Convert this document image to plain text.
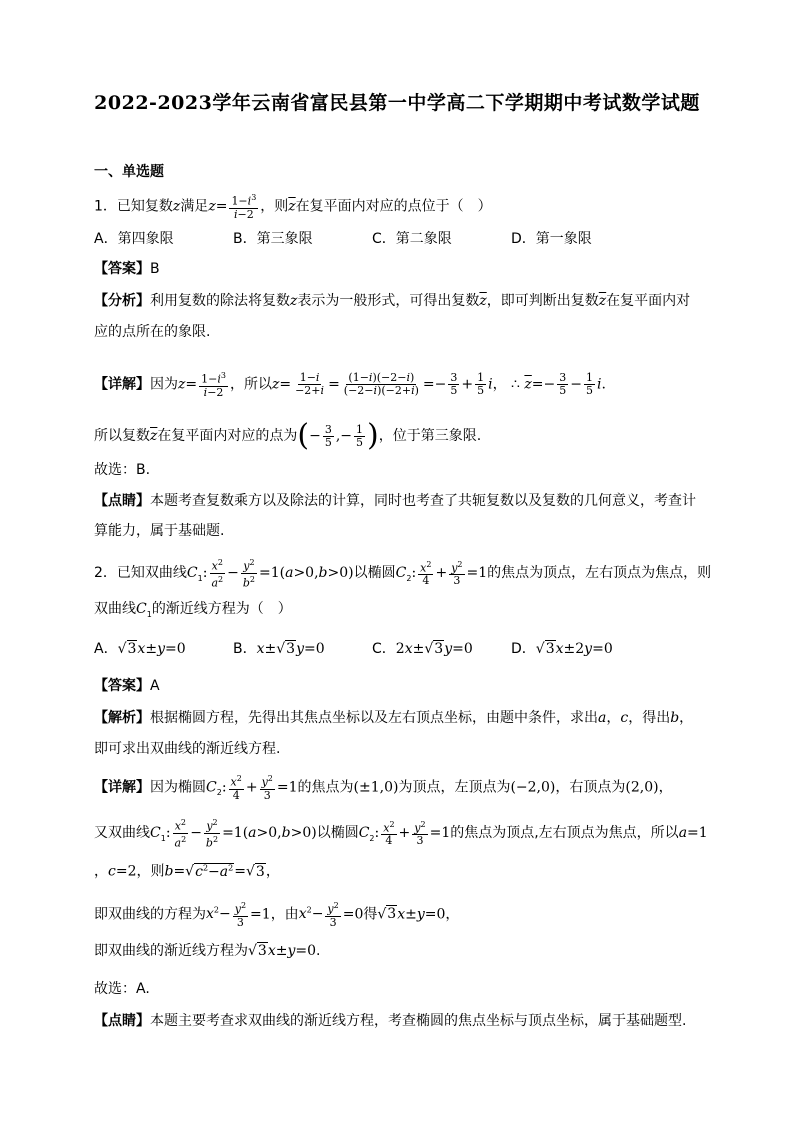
2022-2023学年云南省富民县第一中学高二下学期期中考试数学试题
一、单选题
1．已知复数z满足$z= \frac{1-i^3}{i-2}$ ，则$\overline{z}$在复平面内对应的点位于（　）
A．第四象限	B．第三象限	C．第二象限	D．第一象限
【答案】B
【分析】利用复数的除法将复数z表示为一般形式，可得出复数$\overline{z}$，即可判断出复数$\overline{z}$在复平面内对
应的点所在的象限.
【详解】因为$z= \frac{1-i^3}{i-2}$ ，所以$z= \frac{1-i}{-2+i} = \frac{(1-i)(-2-i)}{(-2-i)(-2+i)} =- \frac{3}{5} + \frac{1}{5}$ i， ∴ $\overline{z}=- \frac{3}{5} - \frac{1}{5} i$.
所以复数$\overline{z}$在复平面内对应的点为(− $\frac{3}{5}$ ,− $\frac{1}{5}$ )，位于第三象限.
故选：B.
【点睛】本题考查复数乘方以及除法的计算，同时也考查了共轭复数以及复数的几何意义，考查计
算能力，属于基础题.
2．已知双曲线$C_1$: $\frac{x^2}{a^2} - \frac{y^2}{b^2} =1(a>0,b>0)$以椭圆$C_2$: $\frac{x^2}{4} + \frac{y^2}{3} =1$的焦点为顶点，左右顶点为焦点，则
双曲线$C_1$的渐近线方程为（　）
A．√3x±y=0	B．x±√3y=0	C．2x±√3y=0	D．√3x±2y=0
【答案】A
【解析】根据椭圆方程，先得出其焦点坐标以及左右顶点坐标，由题中条件，求出a，c，得出b，
即可求出双曲线的渐近线方程.
【详解】因为椭圆$C_2$: $\frac{x^2}{4} + \frac{y^2}{3} =1$的焦点为(±1,0)为顶点，左顶点为(−2,0)，右顶点为(2,0)，
又双曲线$C_1$: $\frac{x^2}{a^2} - \frac{y^2}{b^2} =1(a>0,b>0)$以椭圆$C_2$: $\frac{x^2}{4} + \frac{y^2}{3} =1$的焦点为顶点,左右顶点为焦点，所以a=1
，c=2，则$b=√c^2-a^2=√3$，
即双曲线的方程为$x^2- \frac{y^2}{3} =1$，由$x^2- \frac{y^2}{3} =0$得√3x±y=0，
即双曲线的渐近线方程为√3x±y=0.
故选：A.
【点睛】本题主要考查求双曲线的渐近线方程，考查椭圆的焦点坐标与顶点坐标，属于基础题型.
